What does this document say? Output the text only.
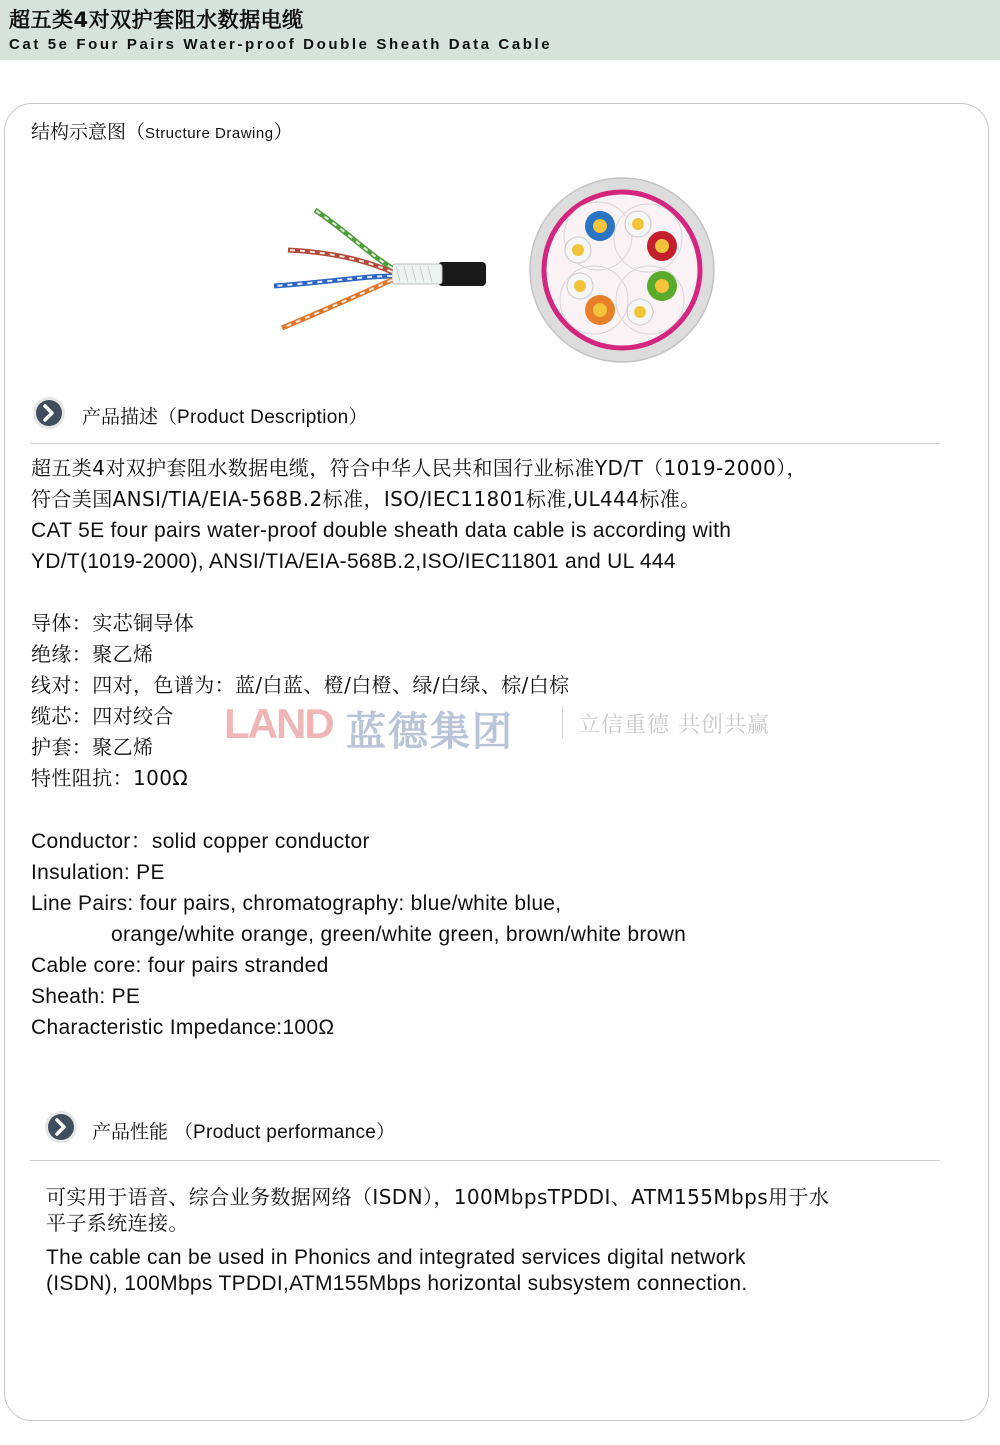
超五类4对双护套阻水数据电缆
Cat 5e Four Pairs Water-proof Double Sheath Data Cable
结构示意图（Structure Drawing）
产品描述（Product Description）
超五类4对双护套阻水数据电缆，符合中华人民共和国行业标准YD/T（1019-2000），
符合美国ANSI/TIA/EIA-568B.2标准，ISO/IEC11801标准,UL444标准。
CAT 5E four pairs water-proof double sheath data cable is according with
YD/T(1019-2000), ANSI/TIA/EIA-568B.2,ISO/IEC11801 and UL 444
导体：实芯铜导体
绝缘：聚乙烯
线对：四对，色谱为：蓝/白蓝、橙/白橙、绿/白绿、棕/白棕
缆芯：四对绞合
护套：聚乙烯
特性阻抗：100Ω
LAND 蓝德集团	立信重德 共创共赢
Conductor：solid copper conductor
Insulation: PE
Line Pairs: four pairs, chromatography: blue/white blue,
orange/white orange, green/white green, brown/white brown
Cable core: four pairs stranded
Sheath: PE
Characteristic Impedance:100Ω
产品性能 （Product performance）
可实用于语音、综合业务数据网络（ISDN），100MbpsTPDDI、ATM155Mbps用于水
平子系统连接。
The cable can be used in Phonics and integrated services digital network
(ISDN), 100Mbps TPDDI,ATM155Mbps horizontal subsystem connection.
